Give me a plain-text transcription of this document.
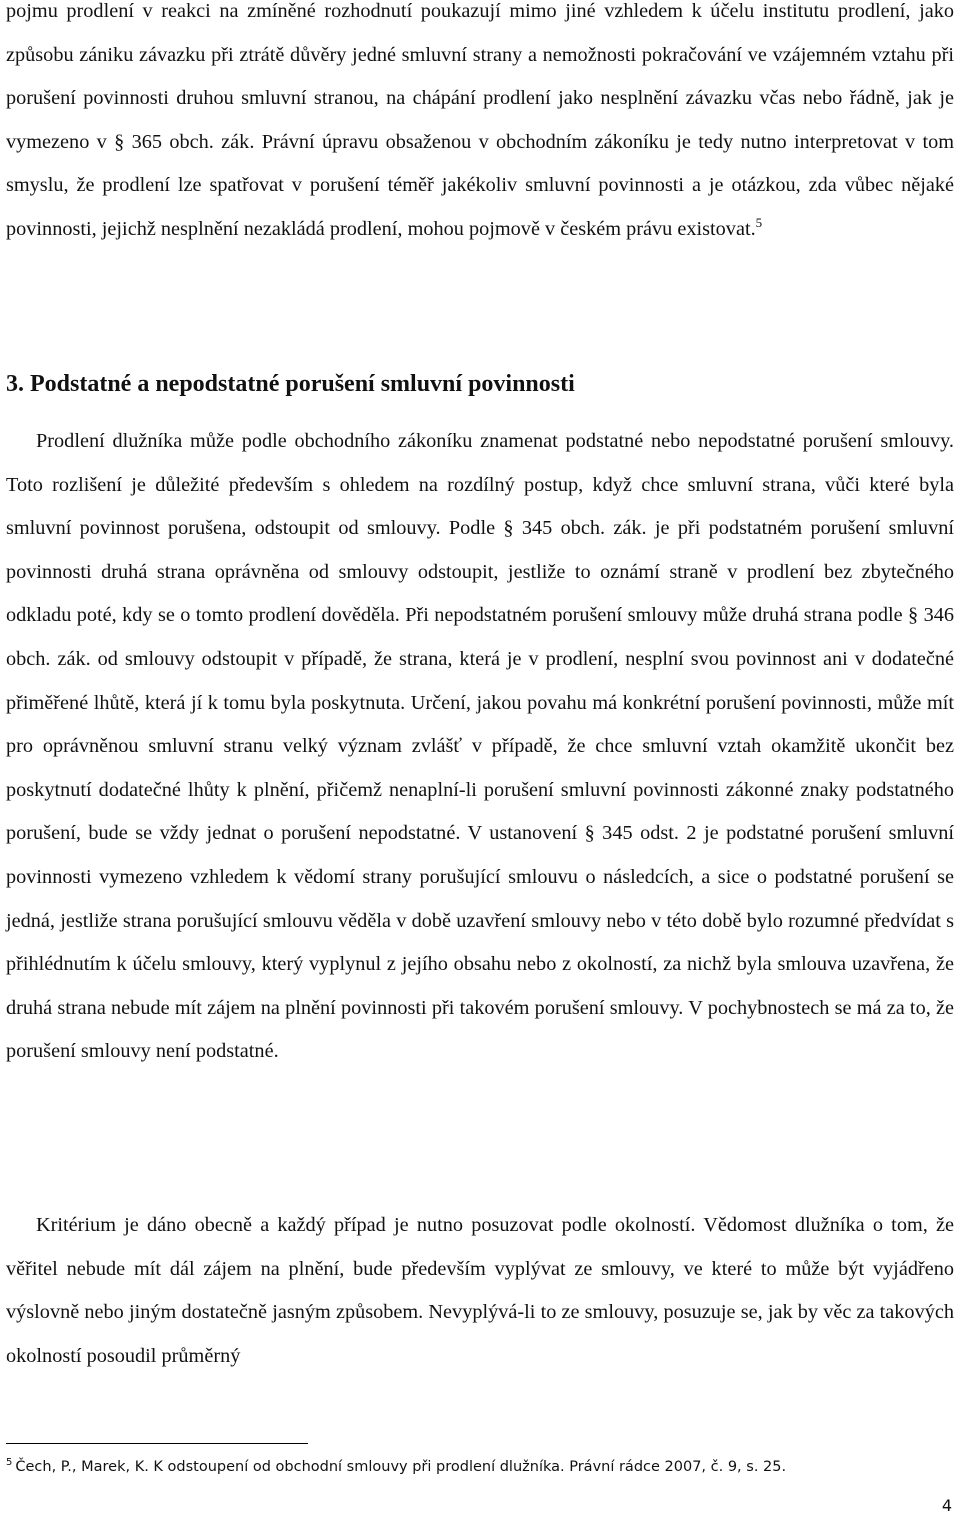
pojmu prodlení v reakci na zmíněné rozhodnutí poukazují mimo jiné vzhledem k účelu institutu prodlení, jako způsobu zániku závazku při ztrátě důvěry jedné smluvní strany a nemožnosti pokračování ve vzájemném vztahu při porušení povinnosti druhou smluvní stranou, na chápání prodlení jako nesplnění závazku včas nebo řádně, jak je vymezeno v § 365 obch. zák. Právní úpravu obsaženou v obchodním zákoníku je tedy nutno interpretovat v tom smyslu, že prodlení lze spatřovat v porušení téměř jakékoliv smluvní povinnosti a je otázkou, zda vůbec nějaké povinnosti, jejichž nesplnění nezakládá prodlení, mohou pojmově v českém právu existovat.$^5$

3. Podstatné a nepodstatné porušení smluvní povinnosti

Prodlení dlužníka může podle obchodního zákoníku znamenat podstatné nebo nepodstatné porušení smlouvy. Toto rozlišení je důležité především s ohledem na rozdílný postup, když chce smluvní strana, vůči které byla smluvní povinnost porušena, odstoupit od smlouvy. Podle § 345 obch. zák. je při podstatném porušení smluvní povinnosti druhá strana oprávněna od smlouvy odstoupit, jestliže to oznámí straně v prodlení bez zbytečného odkladu poté, kdy se o tomto prodlení dověděla. Při nepodstatném porušení smlouvy může druhá strana podle § 346 obch. zák. od smlouvy odstoupit v případě, že strana, která je v prodlení, nesplní svou povinnost ani v dodatečné přiměřené lhůtě, která jí k tomu byla poskytnuta. Určení, jakou povahu má konkrétní porušení povinnosti, může mít pro oprávněnou smluvní stranu velký význam zvlášť v případě, že chce smluvní vztah okamžitě ukončit bez poskytnutí dodatečné lhůty k plnění, přičemž nenaplní-li porušení smluvní povinnosti zákonné znaky podstatného porušení, bude se vždy jednat o porušení nepodstatné. V ustanovení § 345 odst. 2 je podstatné porušení smluvní povinnosti vymezeno vzhledem k vědomí strany porušující smlouvu o následcích, a sice o podstatné porušení se jedná, jestliže strana porušující smlouvu věděla v době uzavření smlouvy nebo v této době bylo rozumné předvídat s přihlédnutím k účelu smlouvy, který vyplynul z jejího obsahu nebo z okolností, za nichž byla smlouva uzavřena, že druhá strana nebude mít zájem na plnění povinnosti při takovém porušení smlouvy. V pochybnostech se má za to, že porušení smlouvy není podstatné.

Kritérium je dáno obecně a každý případ je nutno posuzovat podle okolností. Vědomost dlužníka o tom, že věřitel nebude mít dál zájem na plnění, bude především vyplývat ze smlouvy, ve které to může být vyjádřeno výslovně nebo jiným dostatečně jasným způsobem. Nevyplývá-li to ze smlouvy, posuzuje se, jak by věc za takových okolností posoudil průměrný

$^5$ Čech, P., Marek, K. K odstoupení od obchodní smlouvy při prodlení dlužníka. Právní rádce 2007, č. 9, s. 25.

4
